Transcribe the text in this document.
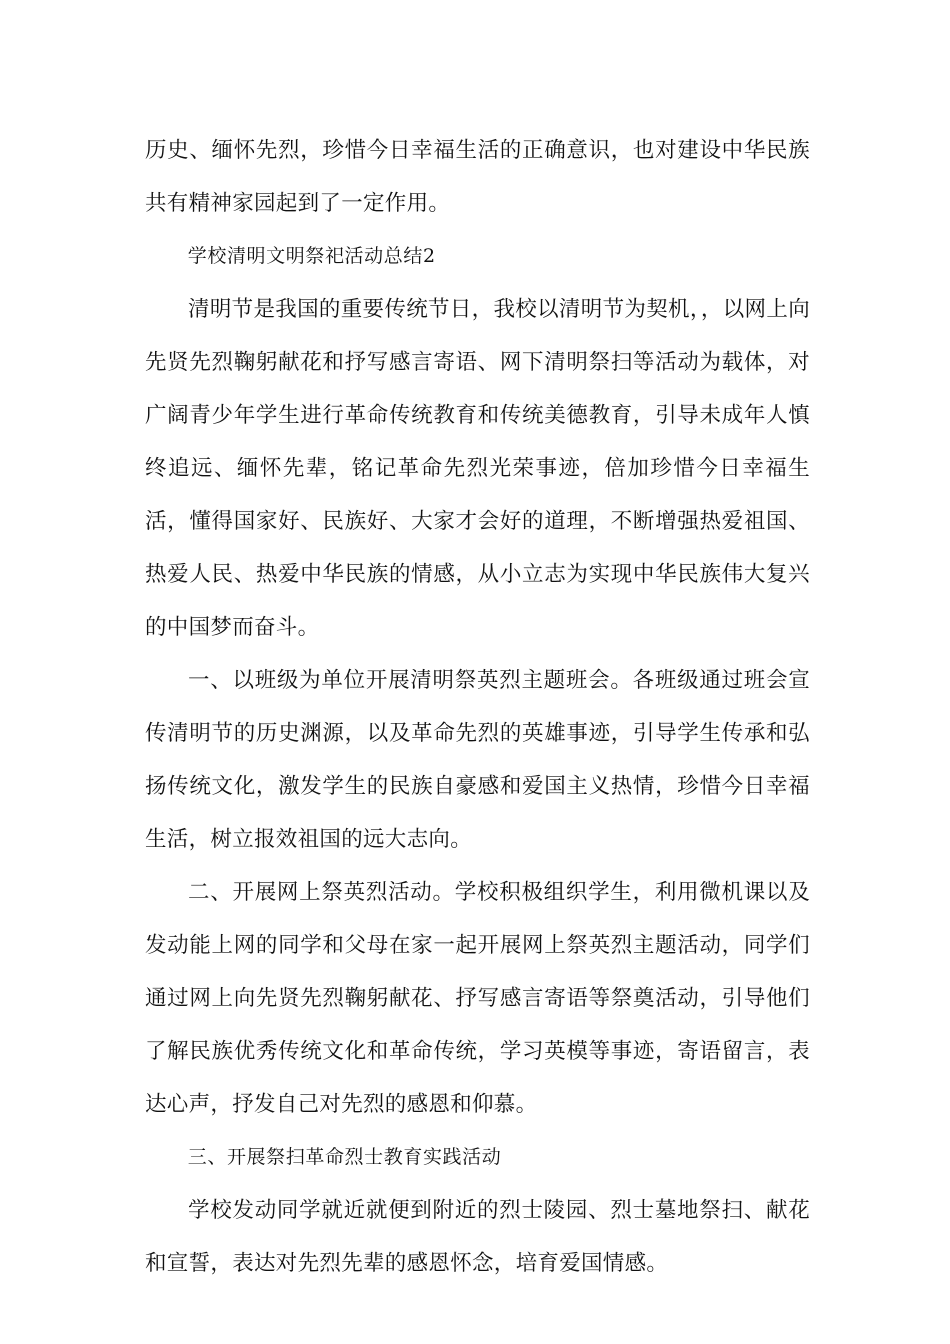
历史、缅怀先烈，珍惜今日幸福生活的正确意识，也对建设中华民族共有精神家园起到了一定作用。

学校清明文明祭祀活动总结2

清明节是我国的重要传统节日，我校以清明节为契机，，以网上向先贤先烈鞠躬献花和抒写感言寄语、网下清明祭扫等活动为载体，对广阔青少年学生进行革命传统教育和传统美德教育，引导未成年人慎终追远、缅怀先辈，铭记革命先烈光荣事迹，倍加珍惜今日幸福生活，懂得国家好、民族好、大家才会好的道理，不断增强热爱祖国、热爱人民、热爱中华民族的情感，从小立志为实现中华民族伟大复兴的中国梦而奋斗。

一、以班级为单位开展清明祭英烈主题班会。各班级通过班会宣传清明节的历史渊源，以及革命先烈的英雄事迹，引导学生传承和弘扬传统文化，激发学生的民族自豪感和爱国主义热情，珍惜今日幸福生活，树立报效祖国的远大志向。

二、开展网上祭英烈活动。学校积极组织学生，利用微机课以及发动能上网的同学和父母在家一起开展网上祭英烈主题活动，同学们通过网上向先贤先烈鞠躬献花、抒写感言寄语等祭奠活动，引导他们了解民族优秀传统文化和革命传统，学习英模等事迹，寄语留言，表达心声，抒发自己对先烈的感恩和仰慕。

三、开展祭扫革命烈士教育实践活动

学校发动同学就近就便到附近的烈士陵园、烈士墓地祭扫、献花和宣誓，表达对先烈先辈的感恩怀念，培育爱国情感。
